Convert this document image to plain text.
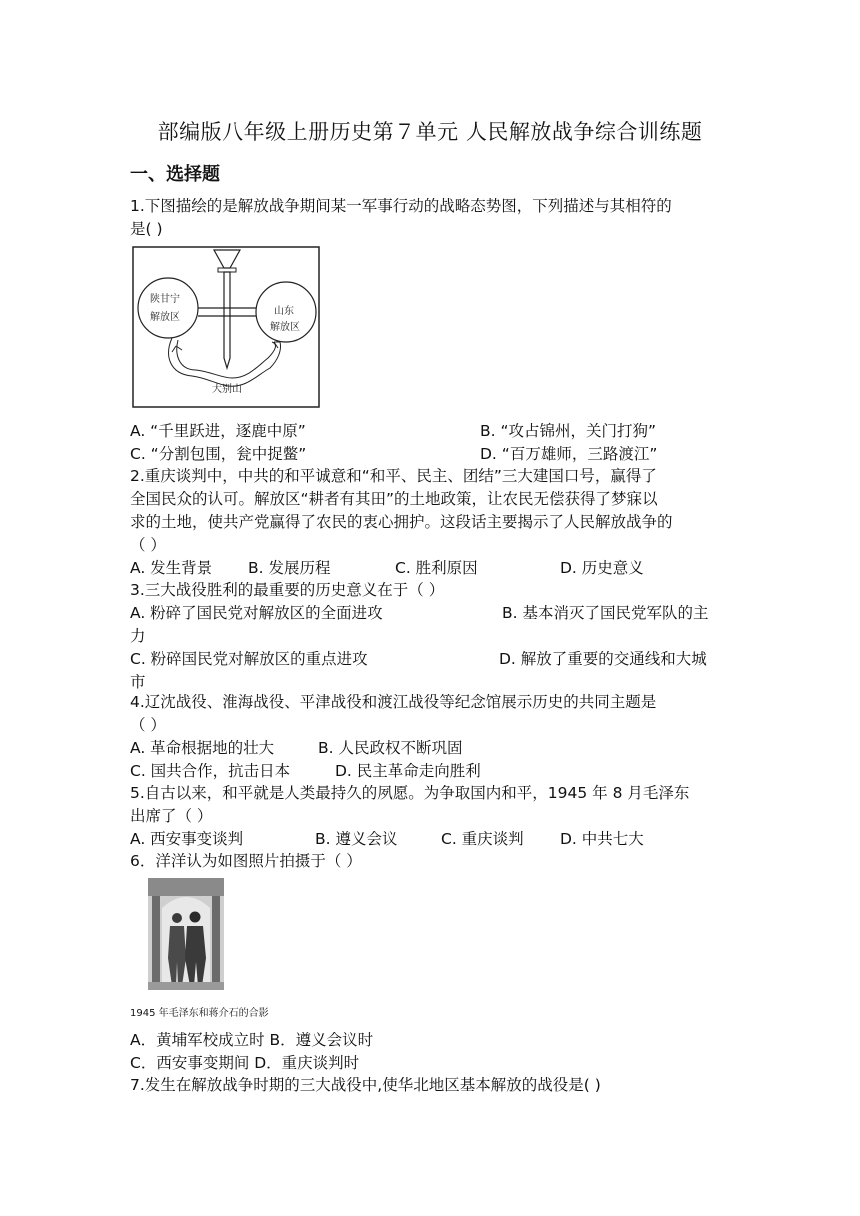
部编版八年级上册历史第７单元 人民解放战争综合训练题
一、选择题
1.下图描绘的是解放战争期间某一军事行动的战略态势图，下列描述与其相符的
是( )
陕甘宁
解放区
山东
解放区
大别山
A. “千里跃进，逐鹿中原”	B. “攻占锦州，关门打狗”
C. “分割包围，瓮中捉鳖”	D. “百万雄师，三路渡江”
2.重庆谈判中，中共的和平诚意和“和平、民主、团结”三大建国口号，赢得了
全国民众的认可。解放区“耕者有其田”的土地政策，让农民无偿获得了梦寐以
求的土地，使共产党赢得了农民的衷心拥护。这段话主要揭示了人民解放战争的
（ ）
A. 发生背景 B. 发展历程	C. 胜利原因	D. 历史意义
3.三大战役胜利的最重要的历史意义在于（ ）
A. 粉碎了国民党对解放区的全面进攻	B. 基本消灭了国民党军队的主
力
C. 粉碎国民党对解放区的重点进攻	D. 解放了重要的交通线和大城
市
4.辽沈战役、淮海战役、平津战役和渡江战役等纪念馆展示历史的共同主题是
（ ）
A. 革命根据地的壮大	B. 人民政权不断巩固
C. 国共合作，抗击日本	D. 民主革命走向胜利
5.自古以来，和平就是人类最持久的夙愿。为争取国内和平，1945 年 8 月毛泽东
出席了（ ）
A. 西安事变谈判	B. 遵义会议	C. 重庆谈判 D. 中共七大
6．洋洋认为如图照片拍摄于（ ）
1945 年毛泽东和蒋介石的合影
A．黄埔军校成立时 B．遵义会议时
C．西安事变期间 D．重庆谈判时
7.发生在解放战争时期的三大战役中,使华北地区基本解放的战役是( )
